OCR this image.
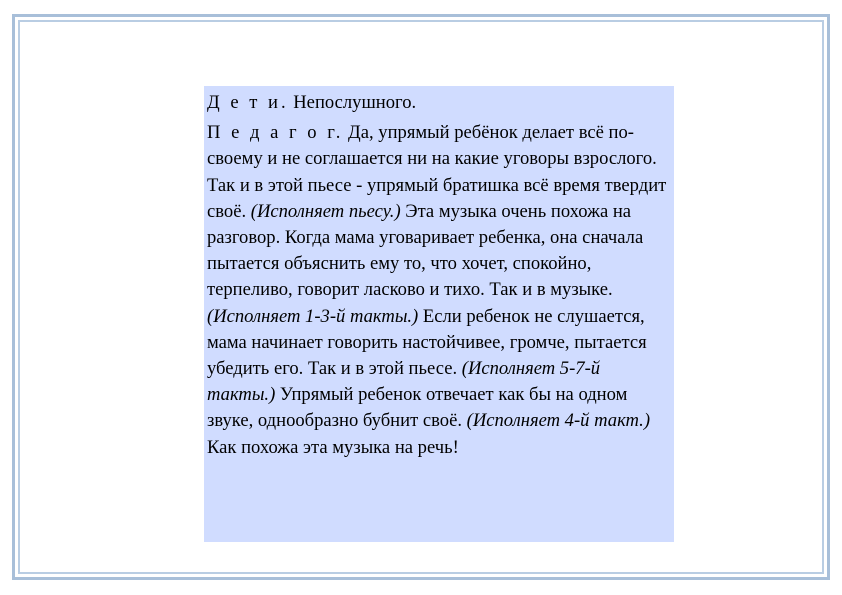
Д е т и. Непослушного.

П е д а г о г. Да, упрямый ребёнок делает всё по-своему и не соглашается ни на какие уговоры взрослого. Так и в этой пьесе - упрямый братишка всё время твердит своё. (Исполняет пьесу.) Эта музыка очень похожа на разговор. Когда мама уговаривает ребенка, она сначала пытается объяснить ему то, что хочет, спокойно, терпеливо, говорит ласково и тихо. Так и в музыке. (Исполняет 1-3-й такты.) Если ребенок не слушается, мама начинает говорить настойчивее, громче, пытается убедить его. Так и в этой пьесе. (Исполняет 5-7-й такты.) Упрямый ребенок отвечает как бы на одном звуке, однообразно бубнит своё. (Исполняет 4-й такт.) Как похожа эта музыка на речь!
